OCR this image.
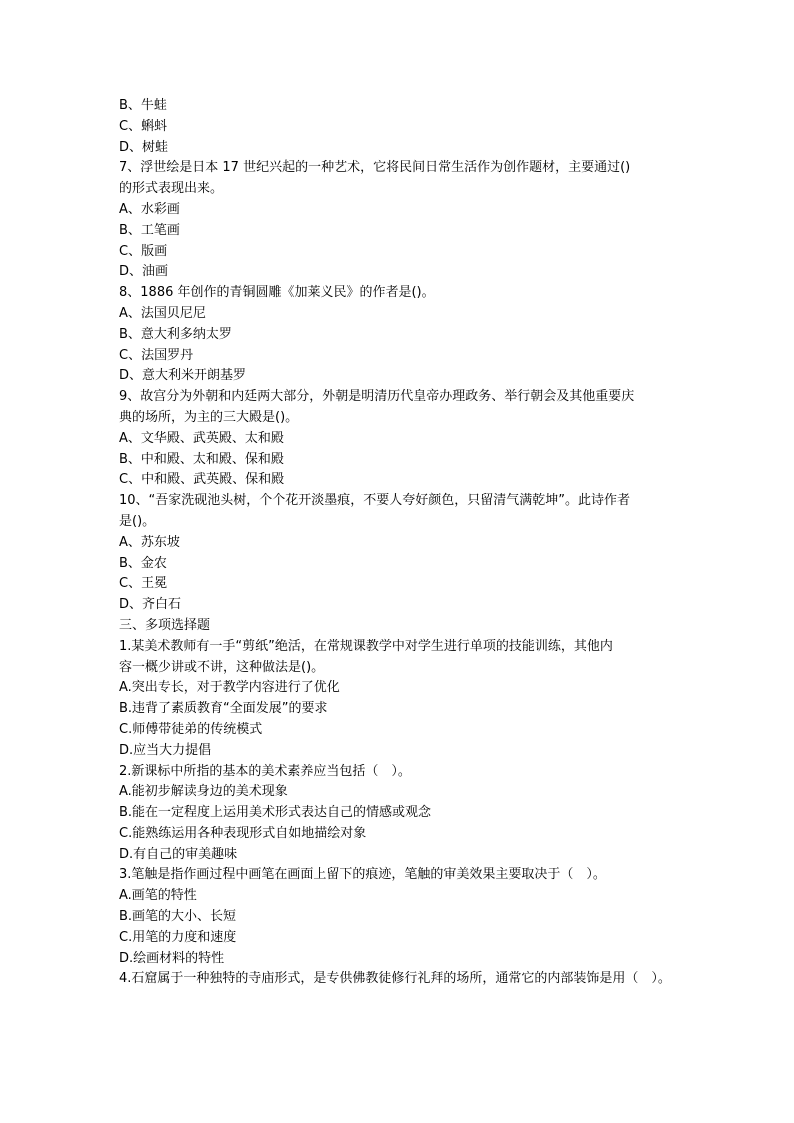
B、牛蛙
C、蝌蚪
D、树蛙
7、浮世绘是日本 17 世纪兴起的一种艺术，它将民间日常生活作为创作题材，主要通过()
的形式表现出来。
A、水彩画
B、工笔画
C、版画
D、油画
8、1886 年创作的青铜圆雕《加莱义民》的作者是()。
A、法国贝尼尼
B、意大利多纳太罗
C、法国罗丹
D、意大利米开朗基罗
9、故宫分为外朝和内廷两大部分，外朝是明清历代皇帝办理政务、举行朝会及其他重要庆
典的场所，为主的三大殿是()。
A、文华殿、武英殿、太和殿
B、中和殿、太和殿、保和殿
C、中和殿、武英殿、保和殿
10、“吾家洗砚池头树，个个花开淡墨痕，不要人夸好颜色，只留清气满乾坤”。此诗作者
是()。
A、苏东坡
B、金农
C、王冕
D、齐白石
三、多项选择题
1.某美术教师有一手“剪纸”绝活，在常规课教学中对学生进行单项的技能训练，其他内
容一概少讲或不讲，这种做法是()。
A.突出专长，对于教学内容进行了优化
B.违背了素质教育“全面发展”的要求
C.师傅带徒弟的传统模式
D.应当大力提倡
2.新课标中所指的基本的美术素养应当包括（　）。
A.能初步解读身边的美术现象
B.能在一定程度上运用美术形式表达自己的情感或观念
C.能熟练运用各种表现形式自如地描绘对象
D.有自己的审美趣味
3.笔触是指作画过程中画笔在画面上留下的痕迹，笔触的审美效果主要取决于（　）。
A.画笔的特性
B.画笔的大小、长短
C.用笔的力度和速度
D.绘画材料的特性
4.石窟属于一种独特的寺庙形式，是专供佛教徒修行礼拜的场所，通常它的内部装饰是用（　）。
